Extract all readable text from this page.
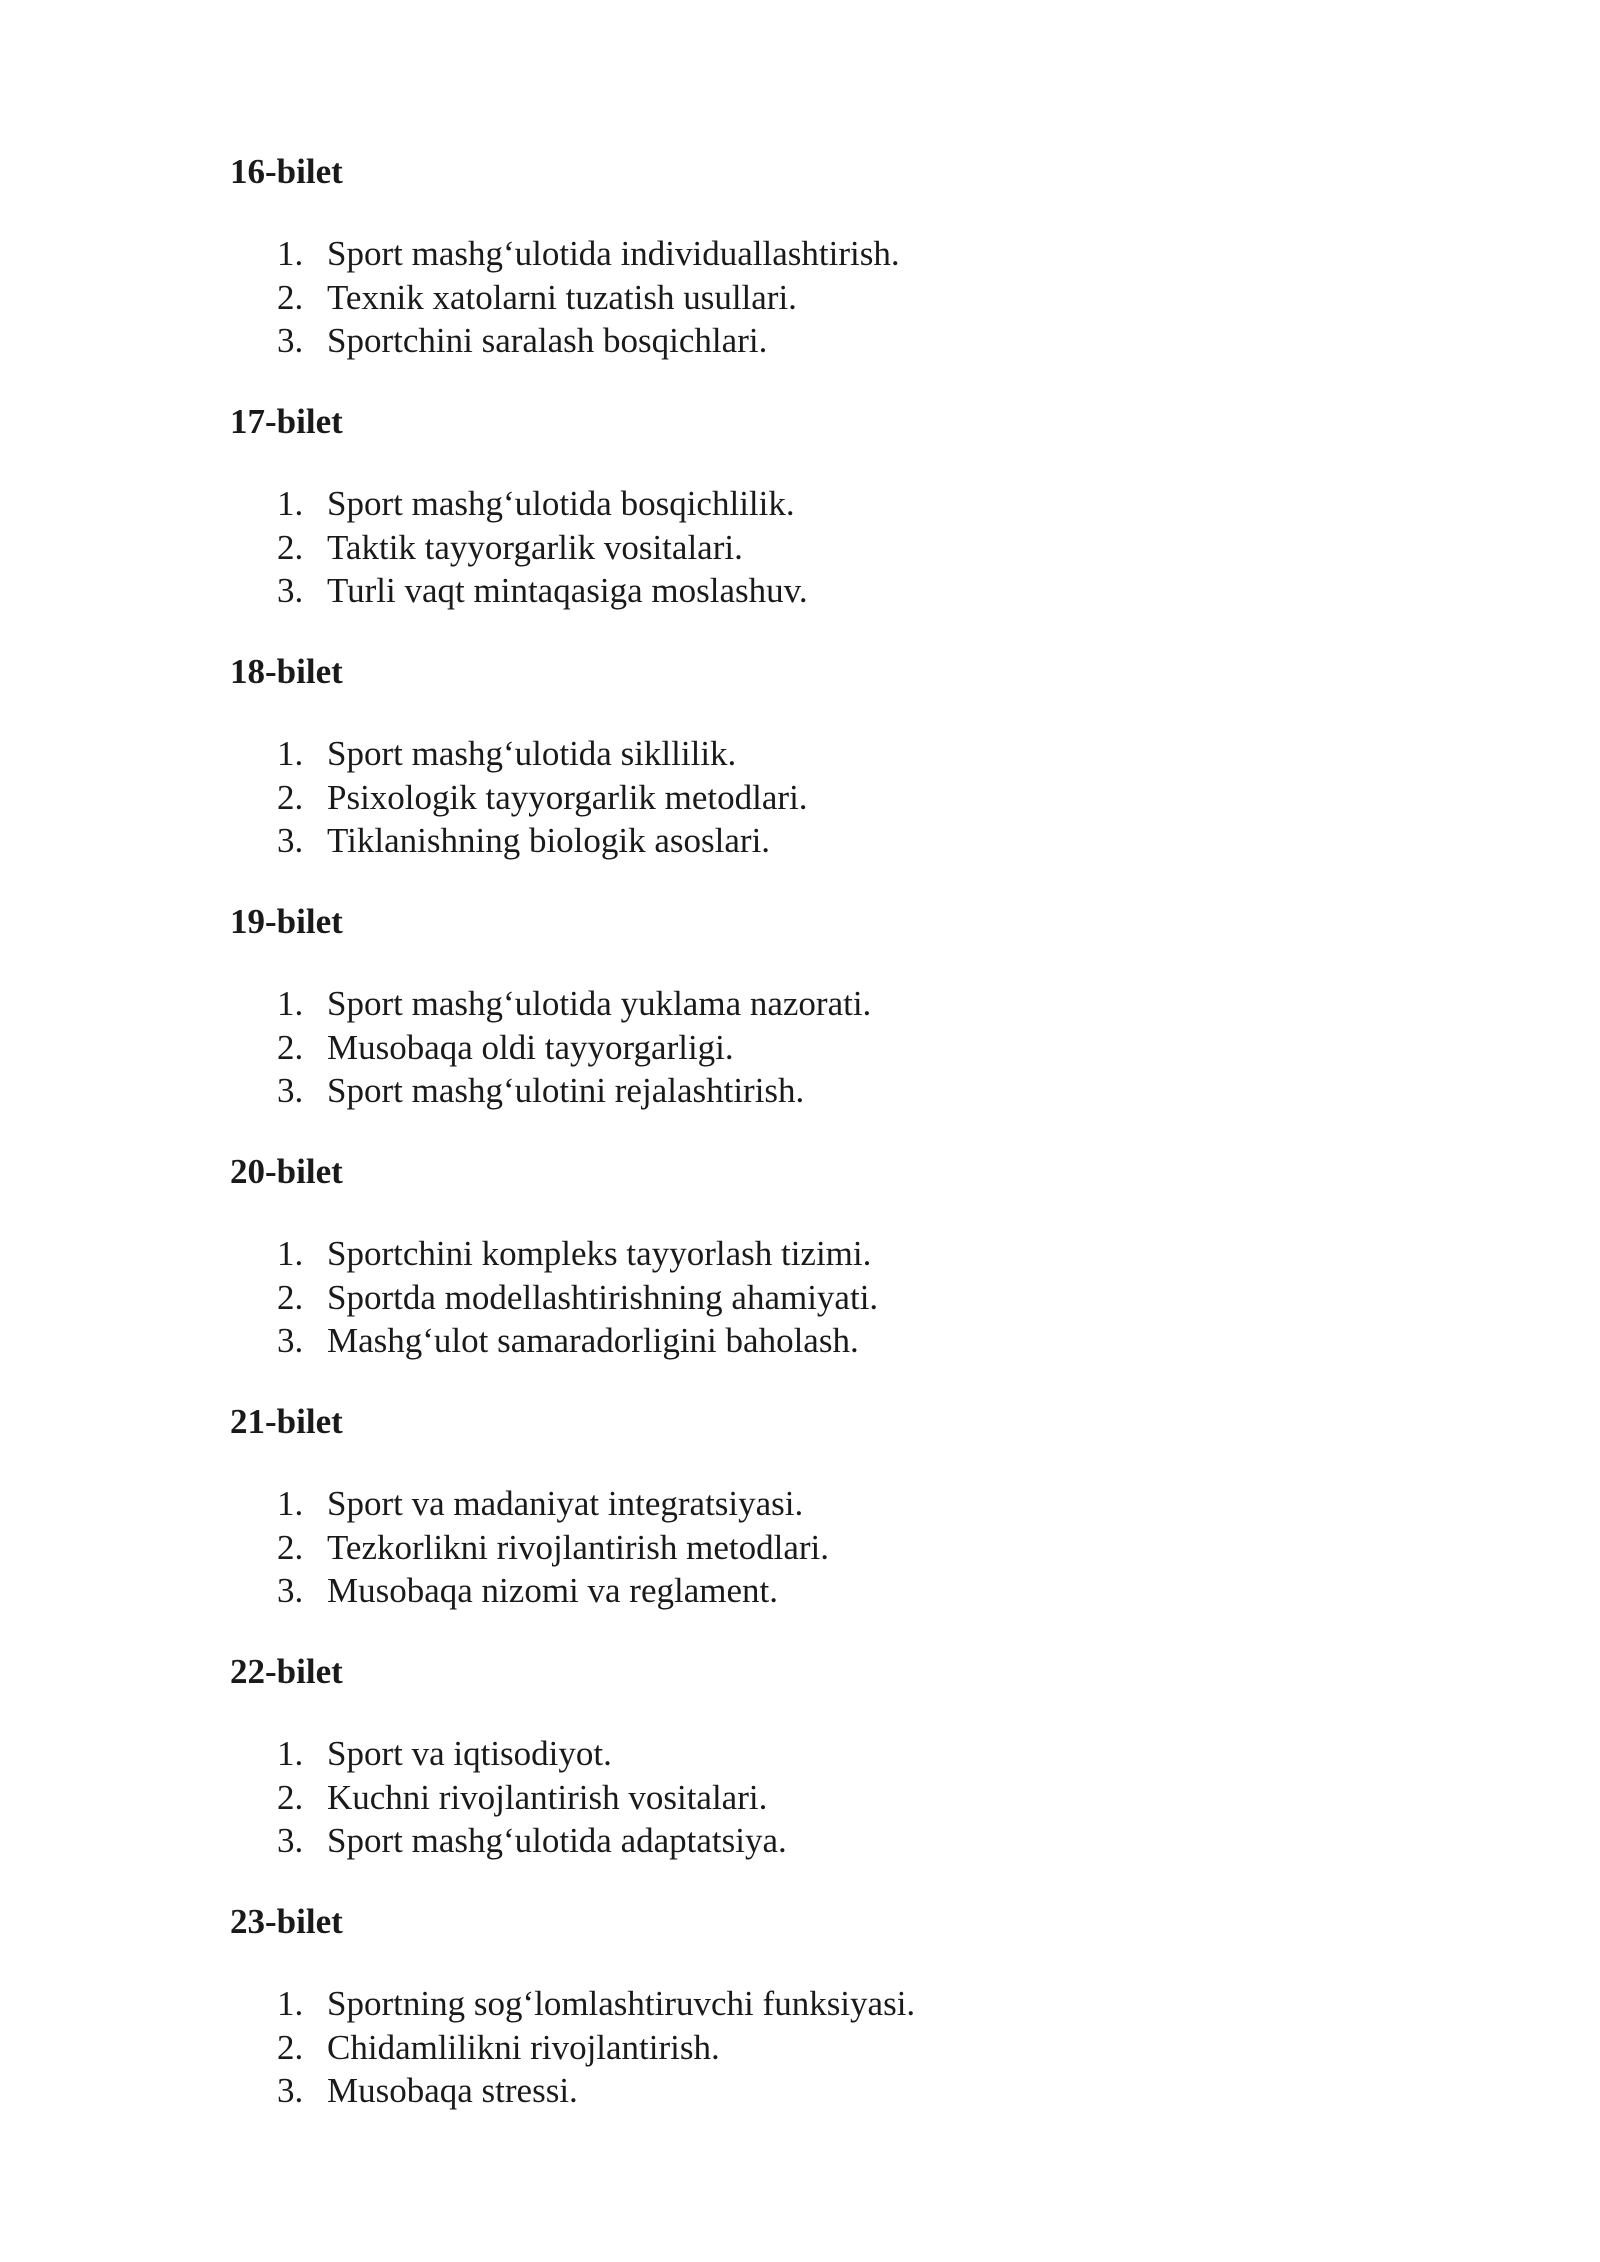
16-bilet
1. Sport mashg‘ulotida individuallashtirish.
2. Texnik xatolarni tuzatish usullari.
3. Sportchini saralash bosqichlari.
17-bilet
1. Sport mashg‘ulotida bosqichlilik.
2. Taktik tayyorgarlik vositalari.
3. Turli vaqt mintaqasiga moslashuv.
18-bilet
1. Sport mashg‘ulotida sikllilik.
2. Psixologik tayyorgarlik metodlari.
3. Tiklanishning biologik asoslari.
19-bilet
1. Sport mashg‘ulotida yuklama nazorati.
2. Musobaqa oldi tayyorgarligi.
3. Sport mashg‘ulotini rejalashtirish.
20-bilet
1. Sportchini kompleks tayyorlash tizimi.
2. Sportda modellashtirishning ahamiyati.
3. Mashg‘ulot samaradorligini baholash.
21-bilet
1. Sport va madaniyat integratsiyasi.
2. Tezkorlikni rivojlantirish metodlari.
3. Musobaqa nizomi va reglament.
22-bilet
1. Sport va iqtisodiyot.
2. Kuchni rivojlantirish vositalari.
3. Sport mashg‘ulotida adaptatsiya.
23-bilet
1. Sportning sog‘lomlashtiruvchi funksiyasi.
2. Chidamlilikni rivojlantirish.
3. Musobaqa stressi.
